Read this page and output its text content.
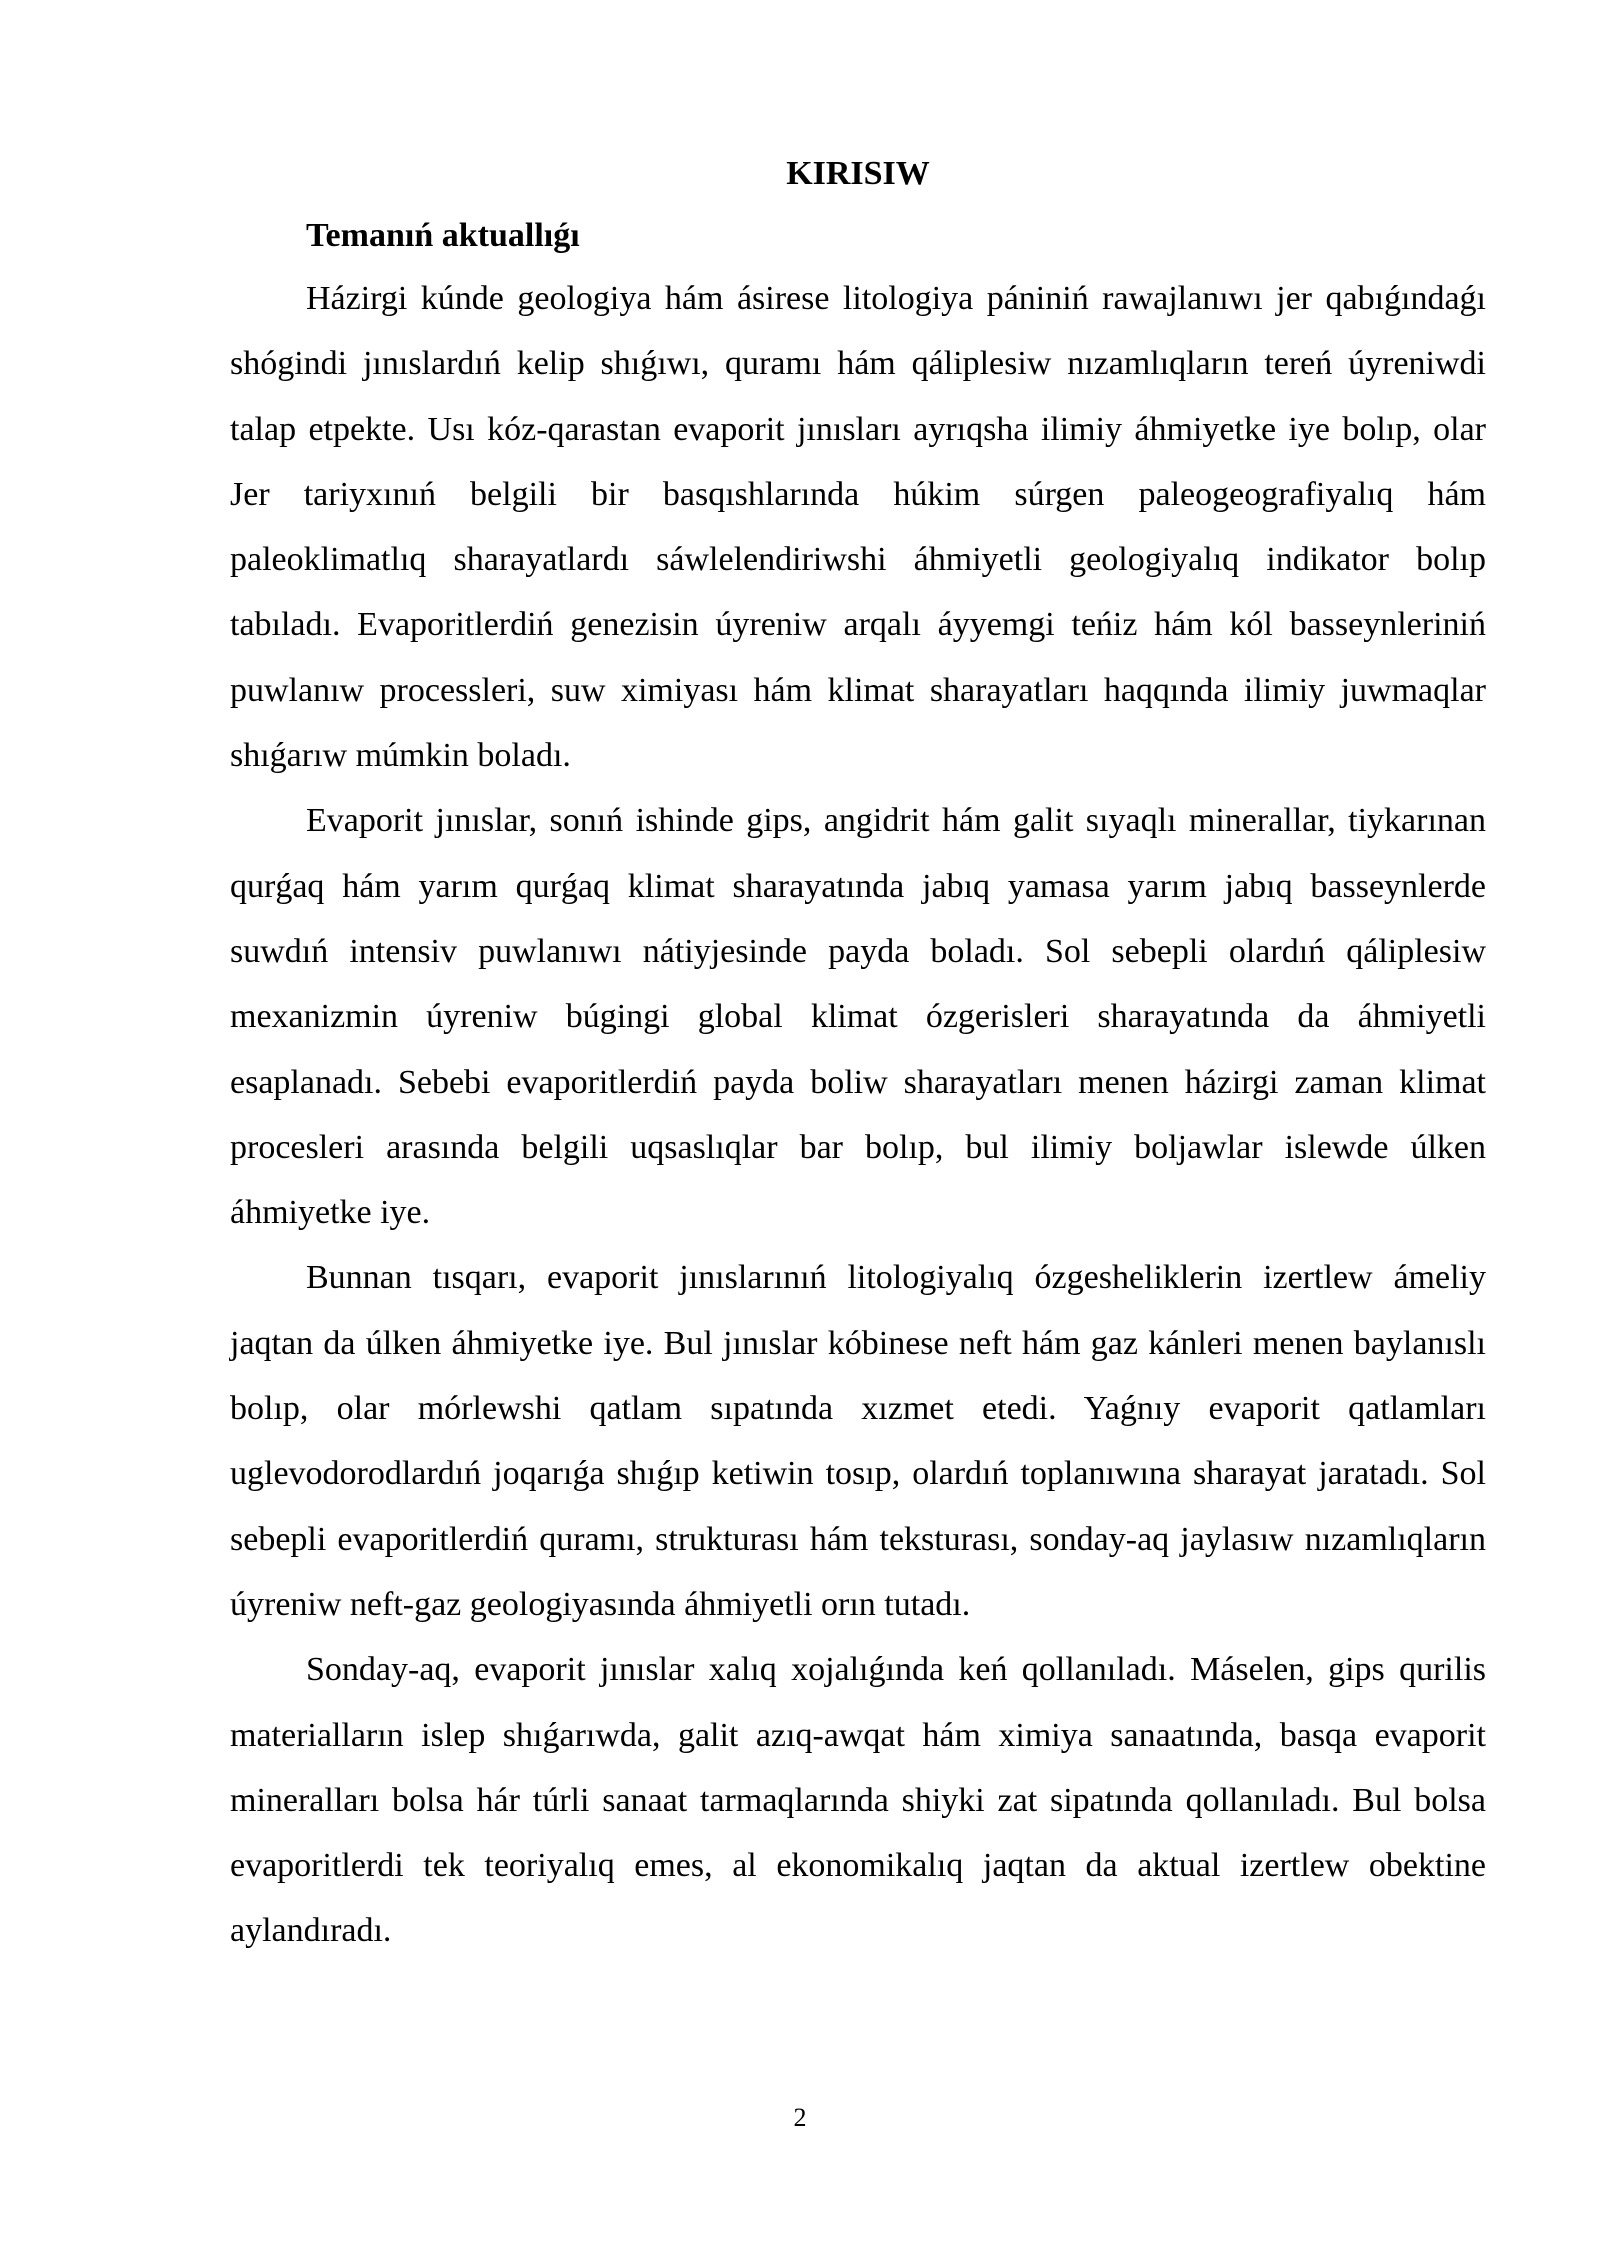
KIRISIW
Temanıń aktuallıǵı

Házirgi kúnde geologiya hám ásirese litologiya pániniń rawajlanıwı jer qabıǵındaǵı shógindi jınıslardıń kelip shıǵıwı, quramı hám qáliplesiw nızamlıqların tereń úyreniwdi talap etpekte. Usı kóz-qarastan evaporit jınısları ayrıqsha ilimiy áhmiyetke iye bolıp, olar Jer tariyxınıń belgili bir basqıshlarında húkim súrgen paleogeografiyalıq hám paleoklimatlıq sharayatlardı sáwlelendiriwshi áhmiyetli geologiyalıq indikator bolıp tabıladı. Evaporitlerdiń genezisin úyreniw arqalı áyyemgi teńiz hám kól basseynleriniń puwlanıw processleri, suw ximiyası hám klimat sharayatları haqqında ilimiy juwmaqlar shıǵarıw múmkin boladı.

Evaporit jınıslar, sonıń ishinde gips, angidrit hám galit sıyaqlı minerallar, tiykarınan qurǵaq hám yarım qurǵaq klimat sharayatında jabıq yamasa yarım jabıq basseynlerde suwdıń intensiv puwlanıwı nátiyjesinde payda boladı. Sol sebepli olardıń qáliplesiw mexanizmin úyreniw búgingi global klimat ózgerisleri sharayatında da áhmiyetli esaplanadı. Sebebi evaporitlerdiń payda boliw sharayatları menen házirgi zaman klimat procesleri arasında belgili uqsaslıqlar bar bolıp, bul ilimiy boljawlar islewde úlken áhmiyetke iye.

Bunnan tısqarı, evaporit jınıslarınıń litologiyalıq ózgesheliklerin izertlew ámeliy jaqtan da úlken áhmiyetke iye. Bul jınıslar kóbinese neft hám gaz kánleri menen baylanıslı bolıp, olar mórlewshi qatlam sıpatında xızmet etedi. Yaǵnıy evaporit qatlamları uglevodorodlardıń joqarıǵa shıǵıp ketiwin tosıp, olardıń toplanıwına sharayat jaratadı. Sol sebepli evaporitlerdiń quramı, strukturası hám teksturası, sonday-aq jaylasıw nızamlıqların úyreniw neft-gaz geologiyasında áhmiyetli orın tutadı.

Sonday-aq, evaporit jınıslar xalıq xojalıǵında keń qollanıladı. Máselen, gips qurilis materialların islep shıǵarıwda, galit azıq-awqat hám ximiya sanaatında, basqa evaporit mineralları bolsa hár túrli sanaat tarmaqlarında shiyki zat sipatında qollanıladı. Bul bolsa evaporitlerdi tek teoriyalıq emes, al ekonomikalıq jaqtan da aktual izertlew obektine aylandıradı.

2
